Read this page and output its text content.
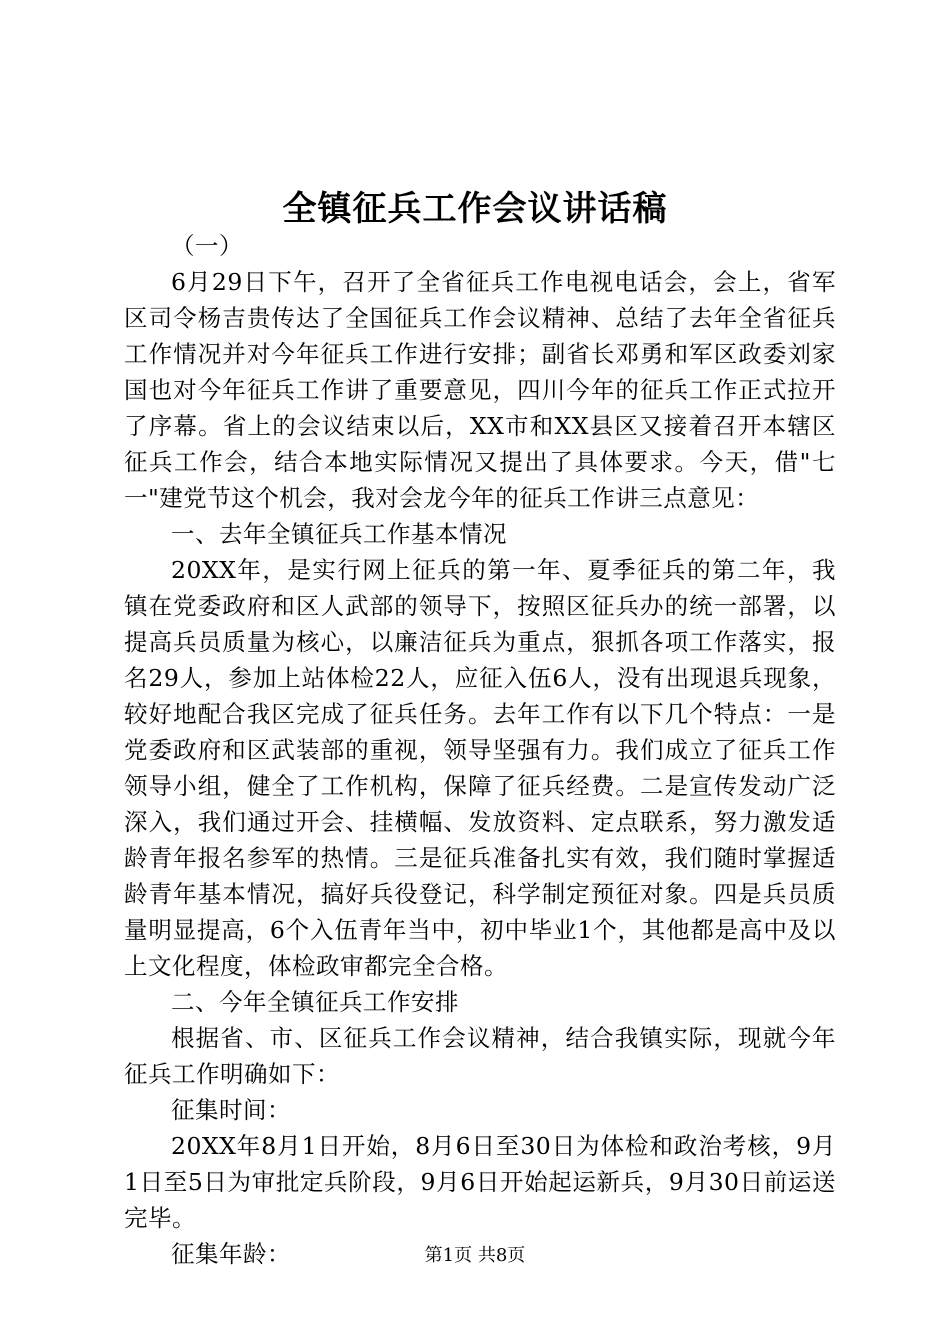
全镇征兵工作会议讲话稿

（一）

6月29日下午，召开了全省征兵工作电视电话会，会上，省军区司令杨吉贵传达了全国征兵工作会议精神、总结了去年全省征兵工作情况并对今年征兵工作进行安排；副省长邓勇和军区政委刘家国也对今年征兵工作讲了重要意见，四川今年的征兵工作正式拉开了序幕。省上的会议结束以后，XX市和XX县区又接着召开本辖区征兵工作会，结合本地实际情况又提出了具体要求。今天，借"七一"建党节这个机会，我对会龙今年的征兵工作讲三点意见：

一、去年全镇征兵工作基本情况

20XX年，是实行网上征兵的第一年、夏季征兵的第二年，我镇在党委政府和区人武部的领导下，按照区征兵办的统一部署，以提高兵员质量为核心，以廉洁征兵为重点，狠抓各项工作落实，报名29人，参加上站体检22人，应征入伍6人，没有出现退兵现象，较好地配合我区完成了征兵任务。去年工作有以下几个特点：一是党委政府和区武装部的重视，领导坚强有力。我们成立了征兵工作领导小组，健全了工作机构，保障了征兵经费。二是宣传发动广泛深入，我们通过开会、挂横幅、发放资料、定点联系，努力激发适龄青年报名参军的热情。三是征兵准备扎实有效，我们随时掌握适龄青年基本情况，搞好兵役登记，科学制定预征对象。四是兵员质量明显提高，6个入伍青年当中，初中毕业1个，其他都是高中及以上文化程度，体检政审都完全合格。

二、今年全镇征兵工作安排

根据省、市、区征兵工作会议精神，结合我镇实际，现就今年征兵工作明确如下：

征集时间：

20XX年8月1日开始，8月6日至30日为体检和政治考核，9月1日至5日为审批定兵阶段，9月6日开始起运新兵，9月30日前运送完毕。

征集年龄：	第1页 共8页
